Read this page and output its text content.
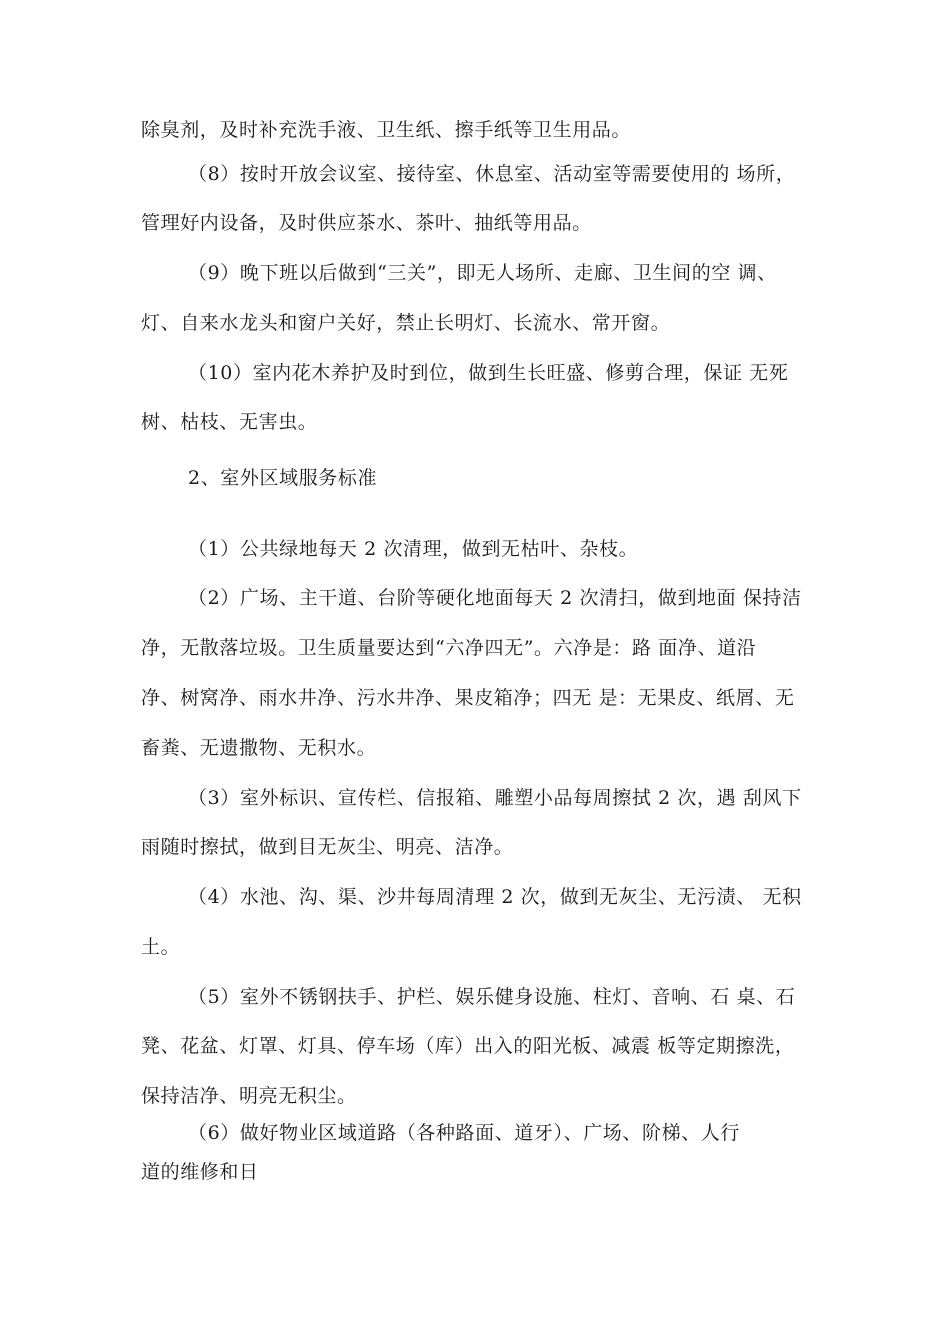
除臭剂，及时补充洗手液、卫生纸、擦手纸等卫生用品。
（8）按时开放会议室、接待室、休息室、活动室等需要使用的 场所，
管理好内设备，及时供应茶水、茶叶、抽纸等用品。
（9）晚下班以后做到“三关”，即无人场所、走廊、卫生间的空 调、
灯、自来水龙头和窗户关好，禁止长明灯、长流水、常开窗。
（10）室内花木养护及时到位，做到生长旺盛、修剪合理，保证 无死
树、枯枝、无害虫。
2、室外区域服务标准
（1）公共绿地每天 2 次清理，做到无枯叶、杂枝。
（2）广场、主干道、台阶等硬化地面每天 2 次清扫，做到地面 保持洁
净，无散落垃圾。卫生质量要达到“六净四无”。六净是：路 面净、道沿
净、树窝净、雨水井净、污水井净、果皮箱净；四无 是：无果皮、纸屑、无
畜粪、无遗撒物、无积水。
（3）室外标识、宣传栏、信报箱、雕塑小品每周擦拭 2 次，遇 刮风下
雨随时擦拭，做到目无灰尘、明亮、洁净。
（4）水池、沟、渠、沙井每周清理 2 次，做到无灰尘、无污渍、 无积
土。
（5）室外不锈钢扶手、护栏、娱乐健身设施、柱灯、音响、石 桌、石
凳、花盆、灯罩、灯具、停车场（库）出入的阳光板、减震 板等定期擦洗，
保持洁净、明亮无积尘。
（6）做好物业区域道路（各种路面、道牙）、广场、阶梯、人行
道的维修和日
